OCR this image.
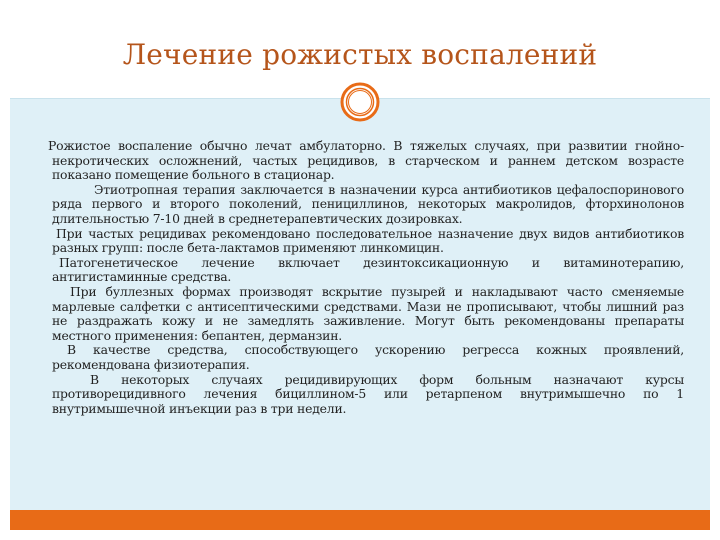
Лечение рожистых воспалений

Рожистое воспаление обычно лечат амбулаторно. В тяжелых случаях, при развитии гнойно-некротических осложнений, частых рецидивов, в старческом и раннем детском возрасте показано помещение больного в стационар.

Этиотропная терапия заключается в назначении курса антибиотиков цефалоспоринового ряда первого и второго поколений, пенициллинов, некоторых макролидов, фторхинолонов длительностью 7-10 дней в среднетерапевтических дозировках.

При частых рецидивах рекомендовано последовательное назначение двух видов антибиотиков разных групп: после бета-лактамов применяют линкомицин.

Патогенетическое лечение включает дезинтоксикационную и витаминотерапию, антигистаминные средства.

При буллезных формах производят вскрытие пузырей и накладывают часто сменяемые марлевые салфетки с антисептическими средствами. Мази не прописывают, чтобы лишний раз не раздражать кожу и не замедлять заживление. Могут быть рекомендованы препараты местного применения: бепантен, дерманзин.

В качестве средства, способствующего ускорению регресса кожных проявлений, рекомендована физиотерапия.

В некоторых случаях рецидивирующих форм больным назначают курсы противорецидивного лечения бициллином-5 или ретарпеном внутримышечно по 1 внутримышечной инъекции раз в три недели.
